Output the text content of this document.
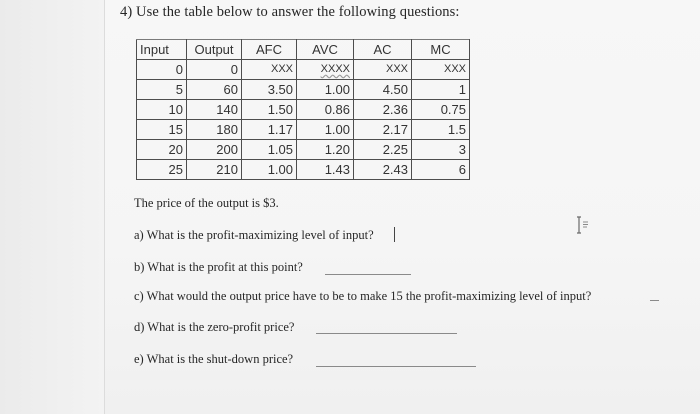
4) Use the table below to answer the following questions:
Input	Output	AFC	AVC	AC	MC
0	0	XXX	XXXX	XXX	XXX
5	60	3.50	1.00	4.50	1
10	140	1.50	0.86	2.36	0.75
15	180	1.17	1.00	2.17	1.5
20	200	1.05	1.20	2.25	3
25	210	1.00	1.43	2.43	6
The price of the output is $3.
a) What is the profit-maximizing level of input?
b) What is the profit at this point?
c) What would the output price have to be to make 15 the profit-maximizing level of input?
d) What is the zero-profit price?
e) What is the shut-down price?
